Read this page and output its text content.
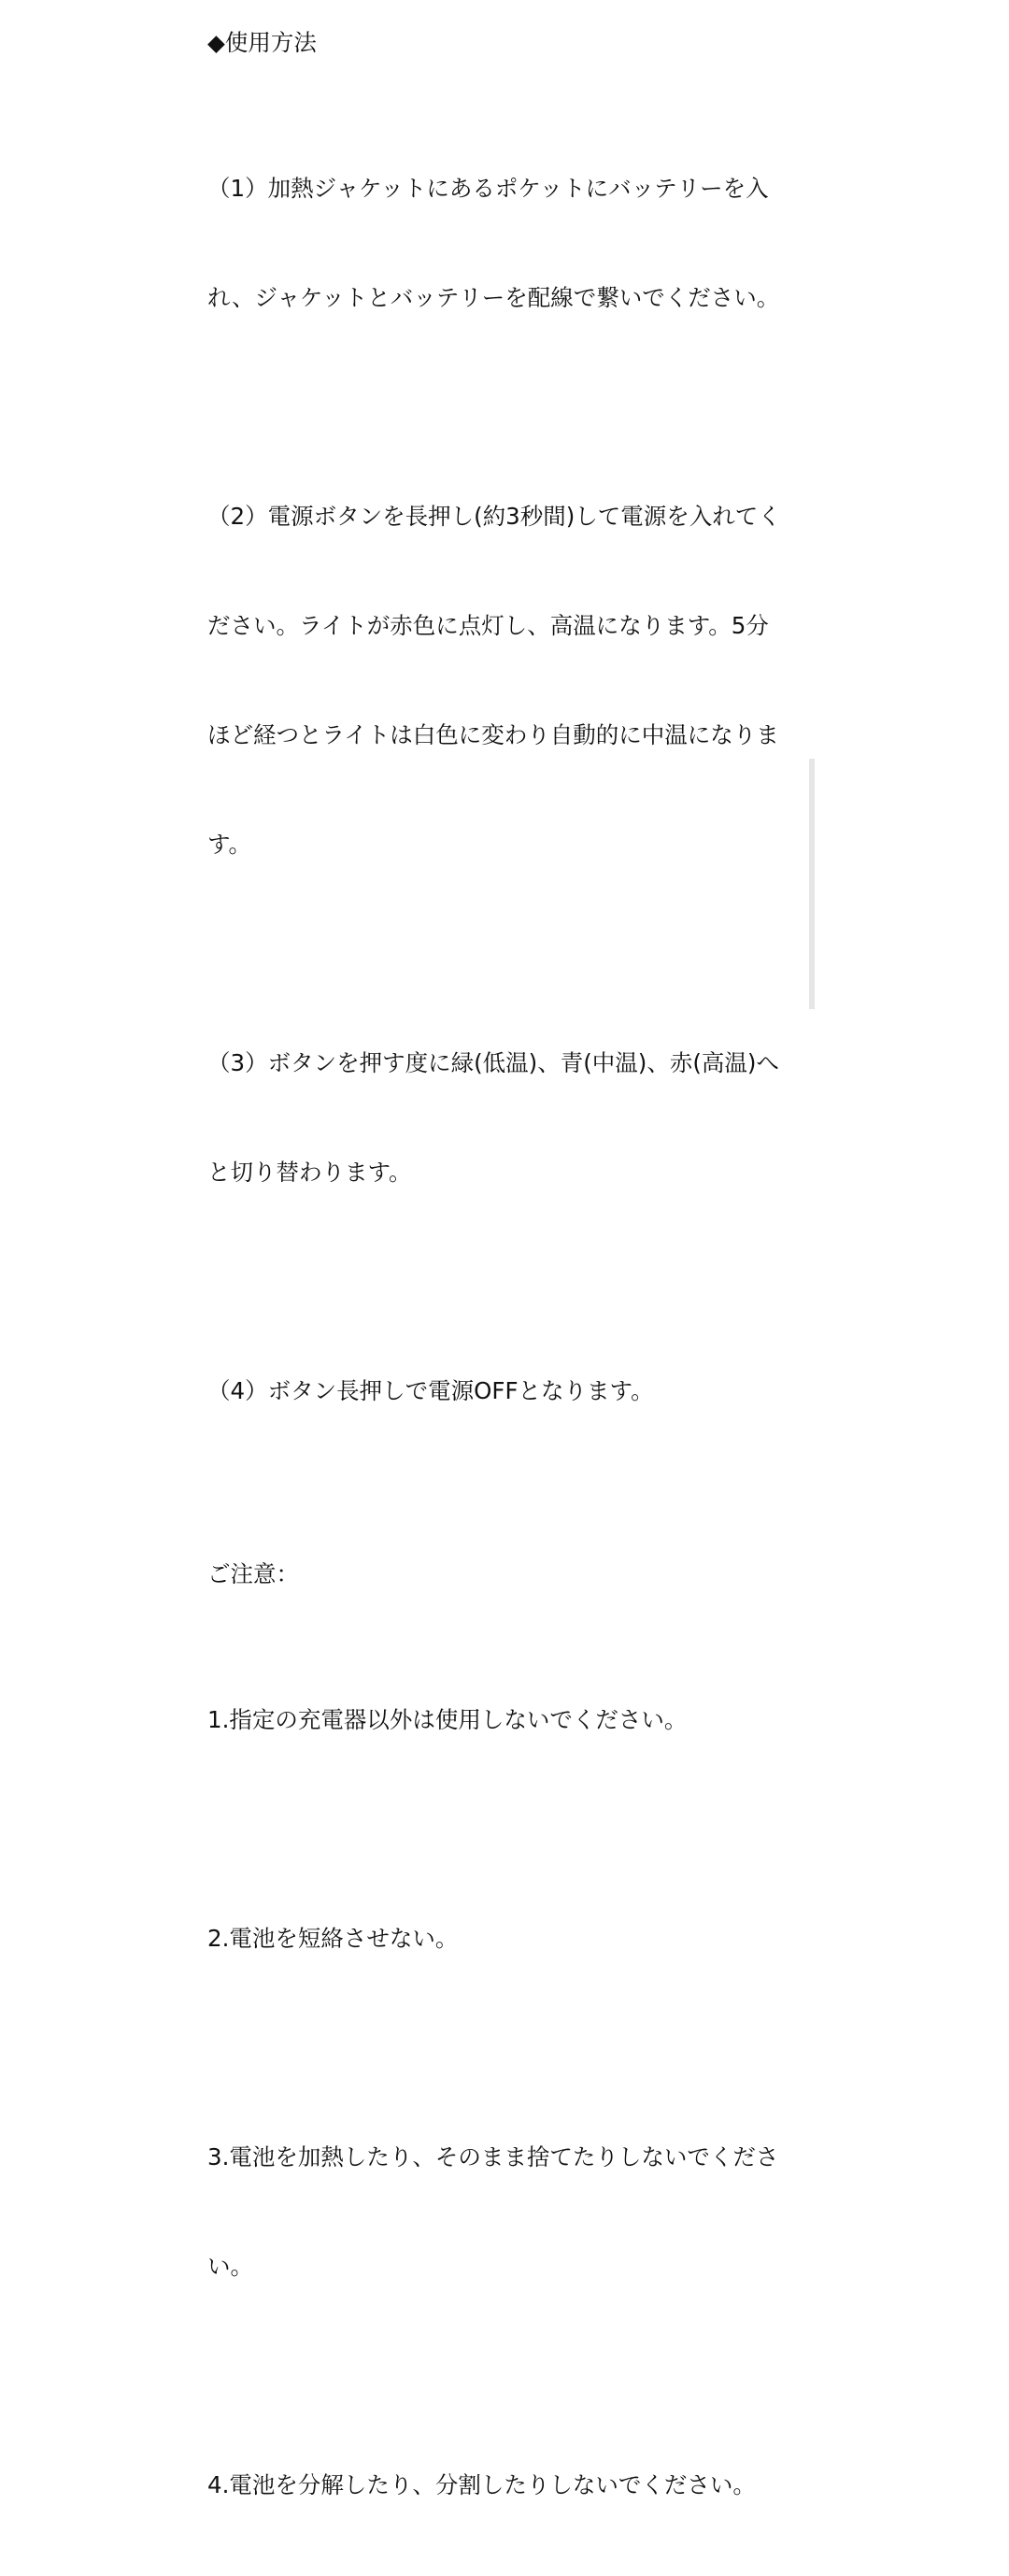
◆使用方法

（1）加熱ジャケットにあるポケットにバッテリーを入

れ、ジャケットとバッテリーを配線で繋いでください。

（2）電源ボタンを長押し(約3秒間)して電源を入れてく

ださい。ライトが赤色に点灯し、高温になります。5分

ほど経つとライトは白色に変わり自動的に中温になりま

す。

（3）ボタンを押す度に緑(低温)、青(中温)、赤(高温)へ

と切り替わります。

（4）ボタン長押しで電源OFFとなります。

ご注意：

1.指定の充電器以外は使用しないでください。

2.電池を短絡させない。

3.電池を加熱したり、そのまま捨てたりしないでくださ

い。

4.電池を分解したり、分割したりしないでください。
